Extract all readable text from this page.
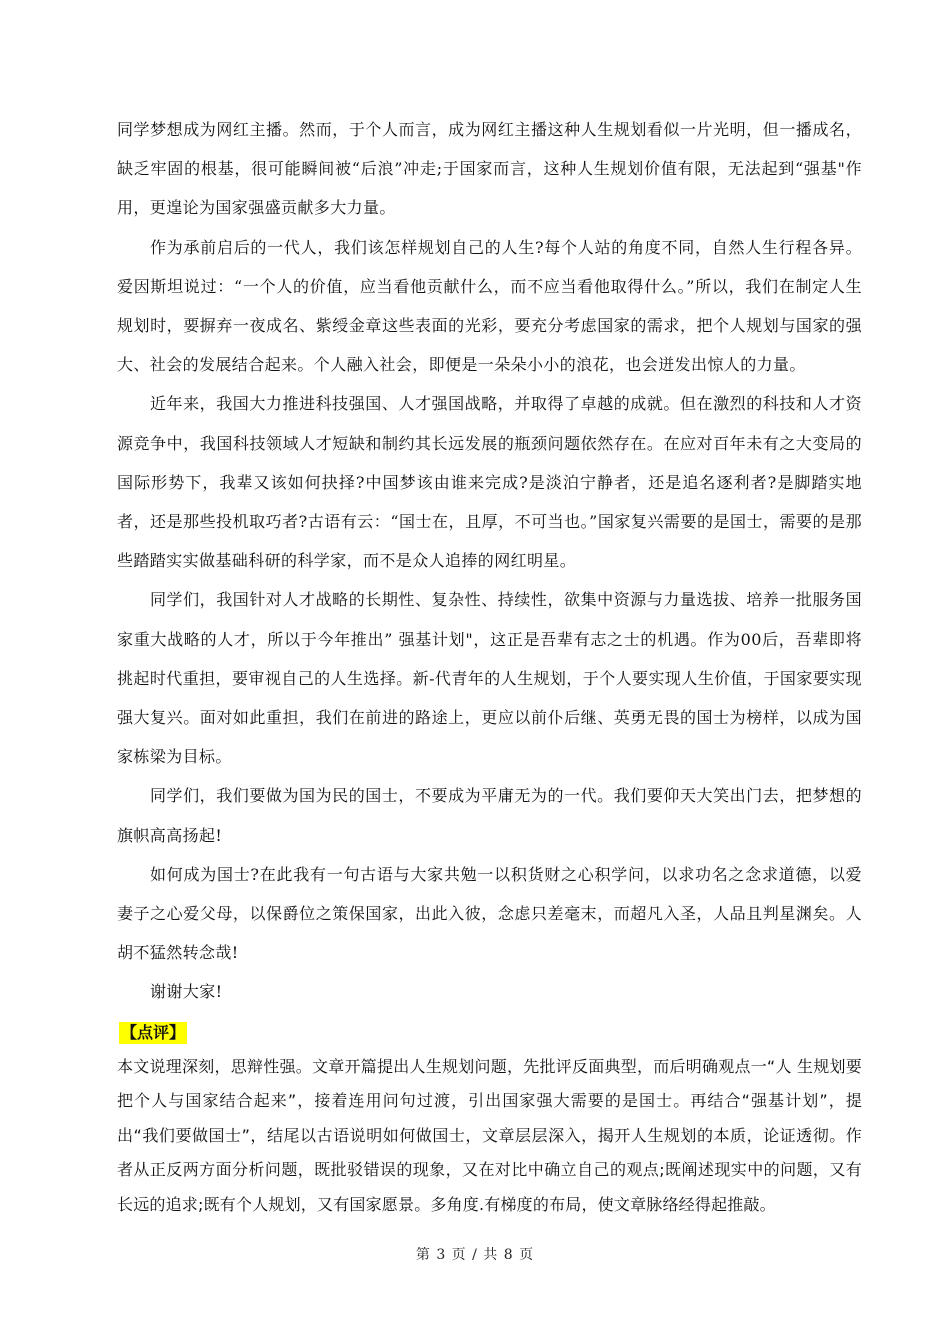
同学梦想成为网红主播。然而，于个人而言，成为网红主播这种人生规划看似一片光明，但一播成名，缺乏牢固的根基，很可能瞬间被“后浪”冲走;于国家而言，这种人生规划价值有限，无法起到“强基"作用，更遑论为国家强盛贡献多大力量。

作为承前启后的一代人，我们该怎样规划自己的人生?每个人站的角度不同，自然人生行程各异。爱因斯坦说过：“一个人的价值，应当看他贡献什么，而不应当看他取得什么。”所以，我们在制定人生规划时，要摒弃一夜成名、紫绶金章这些表面的光彩，要充分考虑国家的需求，把个人规划与国家的强大、社会的发展结合起来。个人融入社会，即便是一朵朵小小的浪花，也会迸发出惊人的力量。

近年来，我国大力推进科技强国、人才强国战略，并取得了卓越的成就。但在激烈的科技和人才资源竞争中，我国科技领域人才短缺和制约其长远发展的瓶颈问题依然存在。在应对百年未有之大变局的国际形势下，我辈又该如何抉择?中国梦该由谁来完成?是淡泊宁静者，还是追名逐利者?是脚踏实地者，还是那些投机取巧者?古语有云：“国士在，且厚，不可当也。”国家复兴需要的是国士，需要的是那些踏踏实实做基础科研的科学家，而不是众人追捧的网红明星。

同学们，我国针对人才战略的长期性、复杂性、持续性，欲集中资源与力量选拔、培养一批服务国家重大战略的人才，所以于今年推出” 强基计划"，这正是吾辈有志之士的机遇。作为00后，吾辈即将挑起时代重担，要审视自己的人生选择。新-代青年的人生规划，于个人要实现人生价值，于国家要实现强大复兴。面对如此重担，我们在前进的路途上，更应以前仆后继、英勇无畏的国士为榜样，以成为国家栋梁为目标。

同学们，我们要做为国为民的国士，不要成为平庸无为的一代。我们要仰天大笑出门去，把梦想的旗帜高高扬起!

如何成为国士?在此我有一句古语与大家共勉一以积货财之心积学问，以求功名之念求道德，以爱妻子之心爱父母，以保爵位之策保国家，出此入彼，念虑只差毫末，而超凡入圣，人品且判星渊矣。人胡不猛然转念哉!

谢谢大家!

【点评】

本文说理深刻，思辩性强。文章开篇提出人生规划问题，先批评反面典型，而后明确观点一“人 生规划要把个人与国家结合起来”，接着连用问句过渡，引出国家强大需要的是国士。再结合“强基计划”，提出“我们要做国士”，结尾以古语说明如何做国士，文章层层深入，揭开人生规划的本质，论证透彻。作者从正反两方面分析问题，既批驳错误的现象，又在对比中确立自己的观点;既阐述现实中的问题，又有长远的追求;既有个人规划，又有国家愿景。多角度.有梯度的布局，使文章脉络经得起推敲。

第 3 页 / 共 8 页
